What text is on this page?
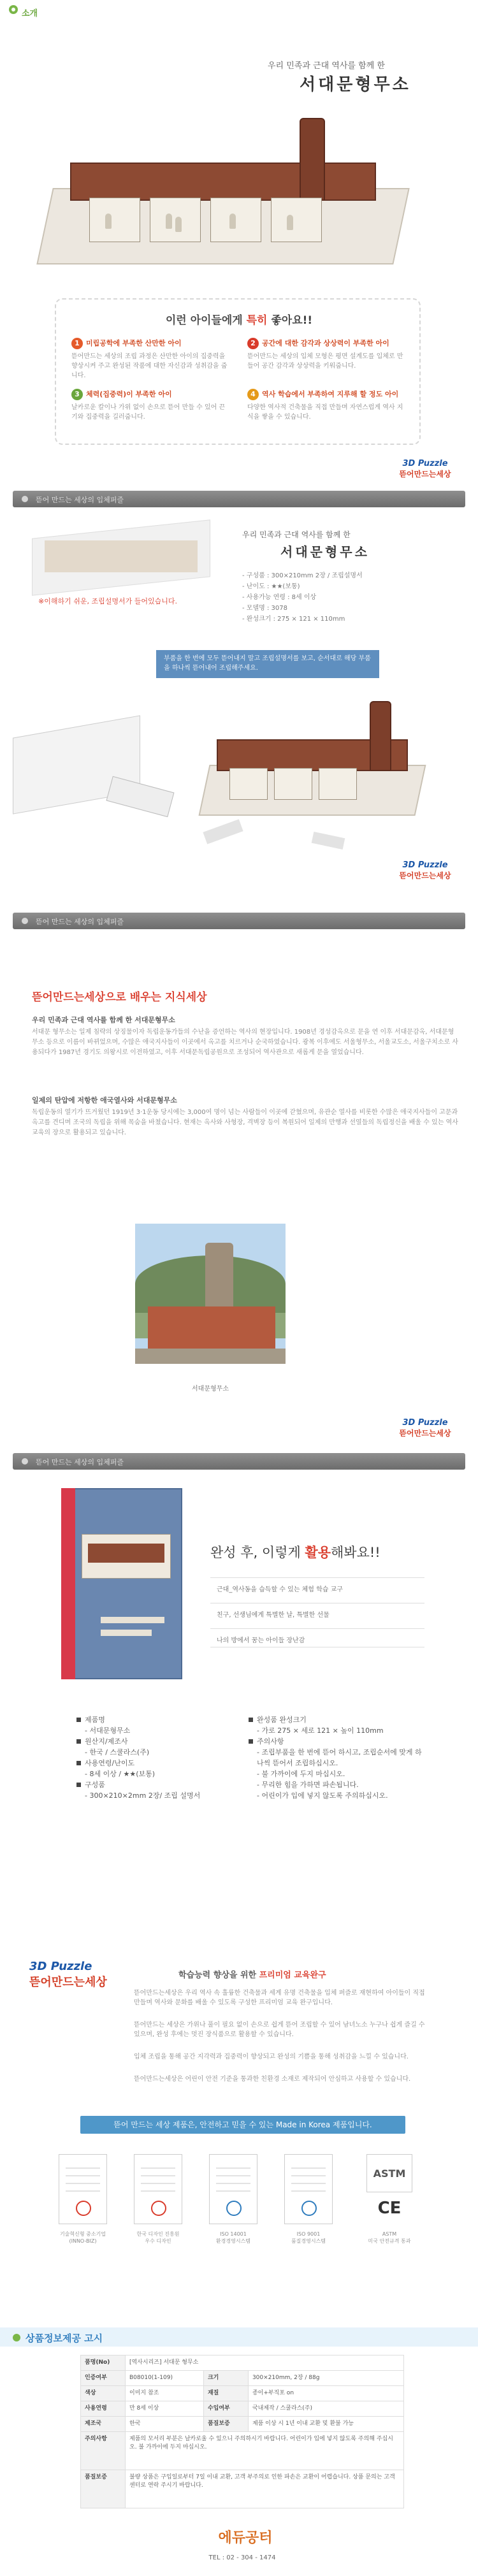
소개
우리 민족과 근대 역사를 함께 한
서대문형무소
이런 아이들에게 특히 좋아요!!
1 미립공학에 부족한 산만한 아이
뜯어만드는 세상의 조립 과정은 산만한 아이의 집중력을 향상시켜 주고 완성된 작품에 대한 자신감과 성취감을 줍니다.
2 공간에 대한 감각과 상상력이 부족한 아이
뜯어만드는 세상의 입체 모형은 평면 설계도를 입체로 만들어 공간 감각과 상상력을 키워줍니다.
3 체력(집중력)이 부족한 아이
날카로운 칼이나 가위 없이 손으로 뜯어 만들 수 있어 끈기와 집중력을 길러줍니다.
4 역사 학습에서 부족하여 지루해 할 정도 아이
다양한 역사적 건축물을 직접 만들며 자연스럽게 역사 지식을 쌓을 수 있습니다.
3D Puzzle
뜯어만드는세상
뜯어 만드는 세상의 입체퍼즐
※이해하기 쉬운, 조립설명서가 들어있습니다.
우리 민족과 근대 역사를 함께 한
서대문형무소
- 구성품 : 300×210mm 2장 / 조립설명서
- 난이도 : ★★(보통)
- 사용가능 연령 : 8세 이상
- 모델명 : 3078
- 완성크기 : 275 × 121 × 110mm
부품을 한 번에 모두 뜯어내지 말고 조립설명서를 보고, 순서대로 해당 부품을 하나씩 뜯어내어 조립해주세요.
3D Puzzle
뜯어만드는세상
뜯어 만드는 세상의 입체퍼즐
뜯어만드는세상으로 배우는 지식세상
우리 민족과 근대 역사를 함께 한 서대문형무소
서대문 형무소는 일제 침략의 상징물이자 독립운동가들의 수난을 증언하는 역사의 현장입니다. 1908년 경성감옥으로 문을 연 이후 서대문감옥, 서대문형무소 등으로 이름이 바뀌었으며, 수많은 애국지사들이 이곳에서 옥고를 치르거나 순국하였습니다. 광복 이후에도 서울형무소, 서울교도소, 서울구치소로 사용되다가 1987년 경기도 의왕시로 이전하였고, 이후 서대문독립공원으로 조성되어 역사관으로 새롭게 문을 열었습니다.
일제의 탄압에 저항한 애국열사와 서대문형무소
독립운동의 열기가 뜨거웠던 1919년 3·1운동 당시에는 3,000여 명이 넘는 사람들이 이곳에 갇혔으며, 유관순 열사를 비롯한 수많은 애국지사들이 고문과 옥고를 견디며 조국의 독립을 위해 목숨을 바쳤습니다. 현재는 옥사와 사형장, 격벽장 등이 복원되어 일제의 만행과 선열들의 독립정신을 배울 수 있는 역사 교육의 장으로 활용되고 있습니다.
서대문형무소
3D Puzzle
뜯어만드는세상
뜯어 만드는 세상의 입체퍼즐
완성 후, 이렇게 활용해봐요!!
근대_역사동을 습득할 수 있는 체험 학습 교구
친구, 선생님에게 특별한 날, 특별한 선물
나의 방에서 꿈는 아이들 장난감
제품명
- 서대문형무소
원산지/제조사
- 한국 / 스쿨라스(주)
사용연령/난이도
- 8세 이상 / ★★(보통)
구성품
- 300×210×2mm 2장/ 조립 설명서
완성품 완성크기
- 가로 275 × 세로 121 × 높이 110mm
주의사항
- 조립부품을 한 번에 뜯어 하시고, 조립순서에 맞게 하나씩 뜯어서 조립하십시오.
- 불 가까이에 두지 마십시오.
- 무리한 힘을 가하면 파손됩니다.
- 어린이가 입에 넣지 않도록 주의하십시오.
3D Puzzle
뜯어만드는세상
학습능력 향상을 위한 프리미엄 교육완구
뜯어만드는세상은 우리 역사 속 훌륭한 건축물과 세계 유명 건축물을 입체 퍼즐로 재현하여 아이들이 직접 만들며 역사와 문화를 배울 수 있도록 구성한 프리미엄 교육 완구입니다.
뜯어만드는 세상은 가위나 풀이 필요 없이 손으로 쉽게 뜯어 조립할 수 있어 남녀노소 누구나 쉽게 즐길 수 있으며, 완성 후에는 멋진 장식품으로 활용할 수 있습니다.
입체 조립을 통해 공간 지각력과 집중력이 향상되고 완성의 기쁨을 통해 성취감을 느낄 수 있습니다.
뜯어만드는세상은 어린이 안전 기준을 통과한 친환경 소재로 제작되어 안심하고 사용할 수 있습니다.
뜯어 만드는 세상 제품은, 안전하고 믿을 수 있는 Made in Korea 제품입니다.
ASTM
CE
기술혁신형 중소기업
(INNO-BIZ)
한국 디자인 진흥원
우수 디자인
ISO 14001
환경경영시스템
ISO 9001
품질경영시스템
ASTM
미국 안전규격 통과
상품정보제공 고시
품명(No)	[역사시리즈] 서대문 형무소		
인증여부	B08010(1-109)	크기	300×210mm, 2장 / 88g
색상	이미지 참조	재질	종이+부직포 on
사용연령	만 8세 이상	수입여부	국내제작 / 스쿨라스(주)
제조국	한국	품질보증	제품 이상 시 1년 이내 교환 및 환불 가능
주의사항	제품의 모서리 부분은 날카로울 수 있으니 주의하시기 바랍니다. 어린이가 입에 넣지 않도록 주의해 주십시오. 불 가까이에 두지 마십시오.		
품질보증	불량 상품은 구입일로부터 7일 이내 교환, 고객 부주의로 인한 파손은 교환이 어렵습니다. 상품 문의는 고객센터로 연락 주시기 바랍니다.		
에듀공터
TEL : 02 - 304 - 1474
